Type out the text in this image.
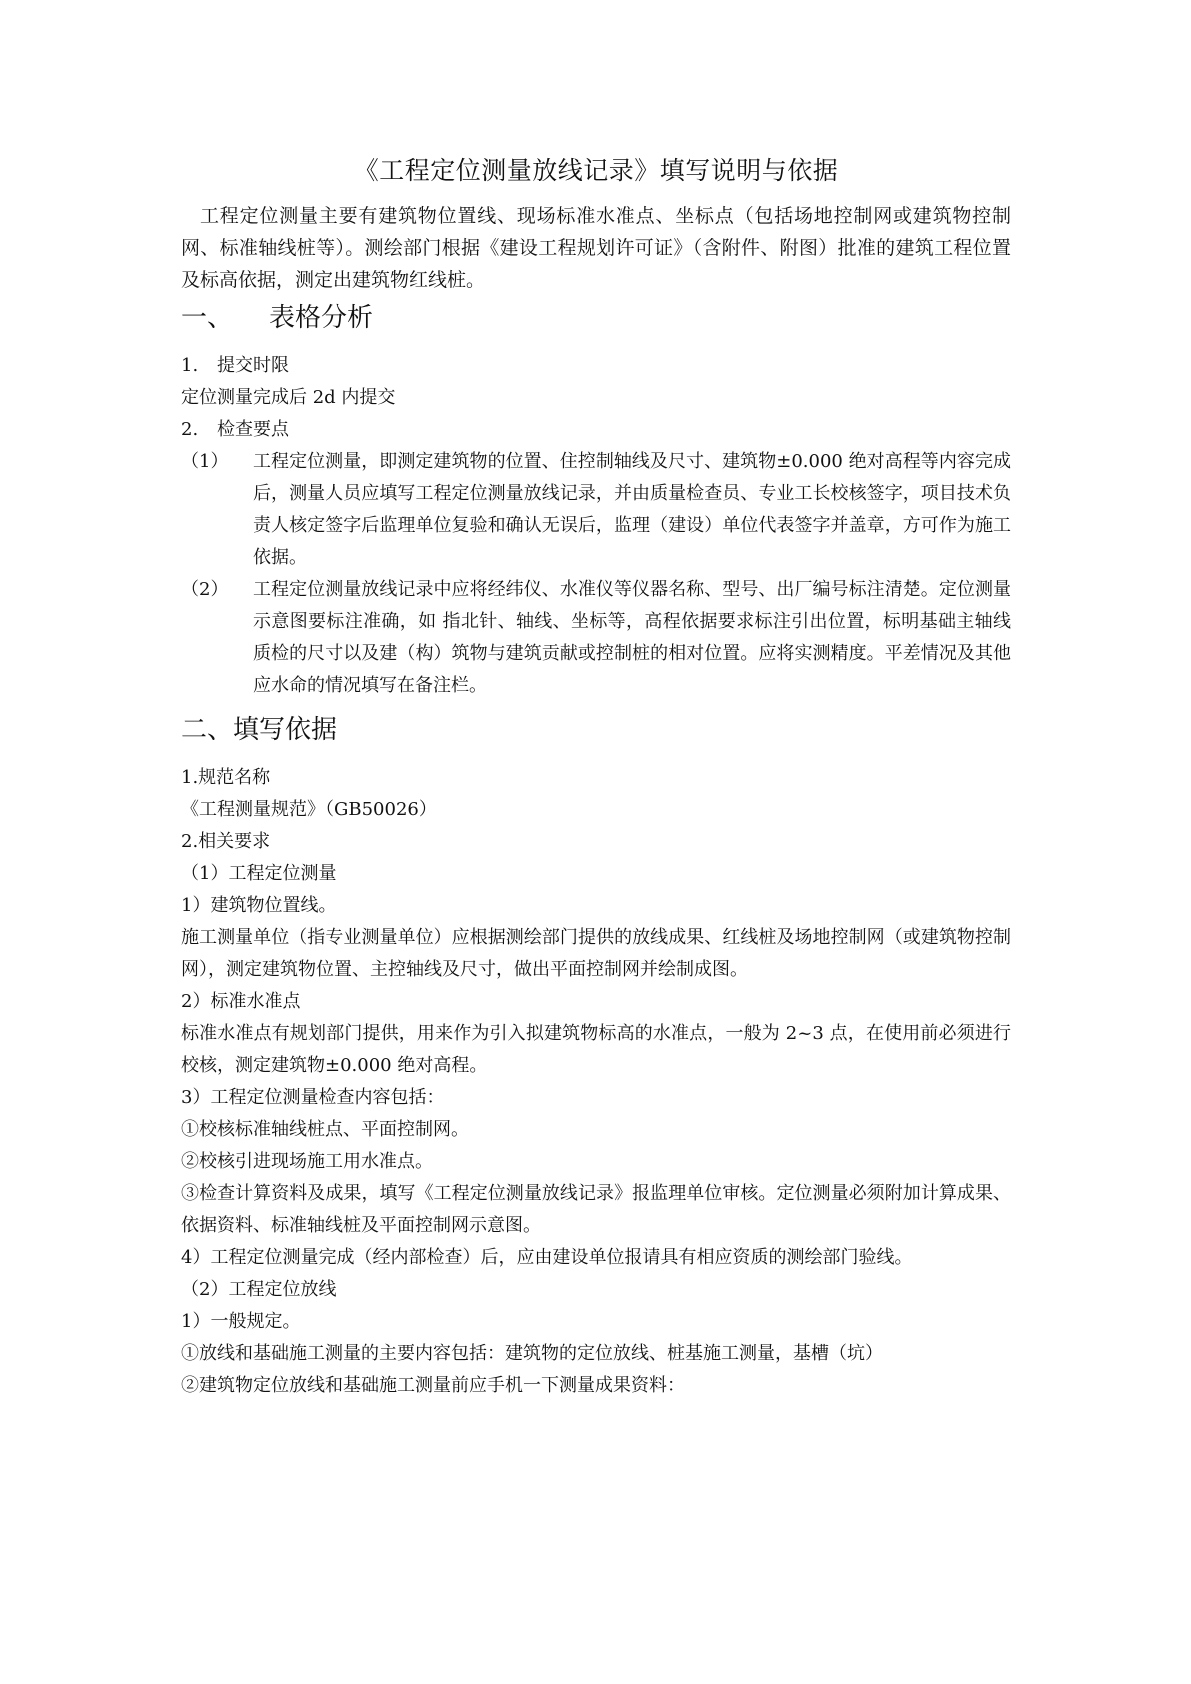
《工程定位测量放线记录》填写说明与依据

工程定位测量主要有建筑物位置线、现场标准水准点、坐标点（包括场地控制网或建筑物控制网、标准轴线桩等）。测绘部门根据《建设工程规划许可证》（含附件、附图）批准的建筑工程位置及标高依据，测定出建筑物红线桩。

一、 表格分析
1.	提交时限

定位测量完成后 2d 内提交

2.	检查要点
（1）	工程定位测量，即测定建筑物的位置、住控制轴线及尺寸、建筑物±0.000 绝对高程等内容完成后，测量人员应填写工程定位测量放线记录，并由质量检查员、专业工长校核签字，项目技术负责人核定签字后监理单位复验和确认无误后，监理（建设）单位代表签字并盖章，方可作为施工依据。
（2）	工程定位测量放线记录中应将经纬仪、水准仪等仪器名称、型号、出厂编号标注清楚。定位测量示意图要标注准确，如 指北针、轴线、坐标等，高程依据要求标注引出位置，标明基础主轴线质检的尺寸以及建（构）筑物与建筑贡献或控制桩的相对位置。应将实测精度。平差情况及其他应水命的情况填写在备注栏。
二、填写依据

1.规范名称

《工程测量规范》（GB50026）

2.相关要求

（1）工程定位测量

1）建筑物位置线。

施工测量单位（指专业测量单位）应根据测绘部门提供的放线成果、红线桩及场地控制网（或建筑物控制网），测定建筑物位置、主控轴线及尺寸，做出平面控制网并绘制成图。

2）标准水准点

标准水准点有规划部门提供，用来作为引入拟建筑物标高的水准点，一般为 2~3 点，在使用前必须进行校核，测定建筑物±0.000 绝对高程。

3）工程定位测量检查内容包括：

①校核标准轴线桩点、平面控制网。

②校核引进现场施工用水准点。

③检查计算资料及成果，填写《工程定位测量放线记录》报监理单位审核。定位测量必须附加计算成果、依据资料、标准轴线桩及平面控制网示意图。

4）工程定位测量完成（经内部检查）后，应由建设单位报请具有相应资质的测绘部门验线。

（2）工程定位放线

1）一般规定。

①放线和基础施工测量的主要内容包括：建筑物的定位放线、桩基施工测量，基槽（坑）

②建筑物定位放线和基础施工测量前应手机一下测量成果资料：
